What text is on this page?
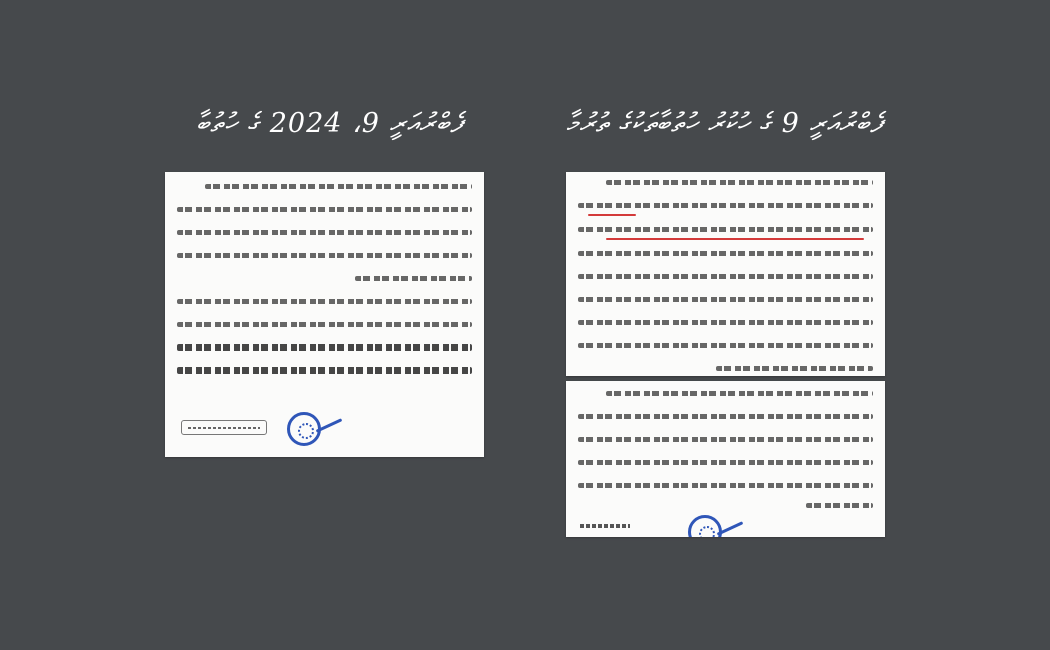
ފެބްރުއަރީ 9، 2024 ގެ ހުތުބާ	ފެބްރުއަރީ 9 ގެ ހުކުރު ހުތުބާތަކުގެ ތުރުމާ
